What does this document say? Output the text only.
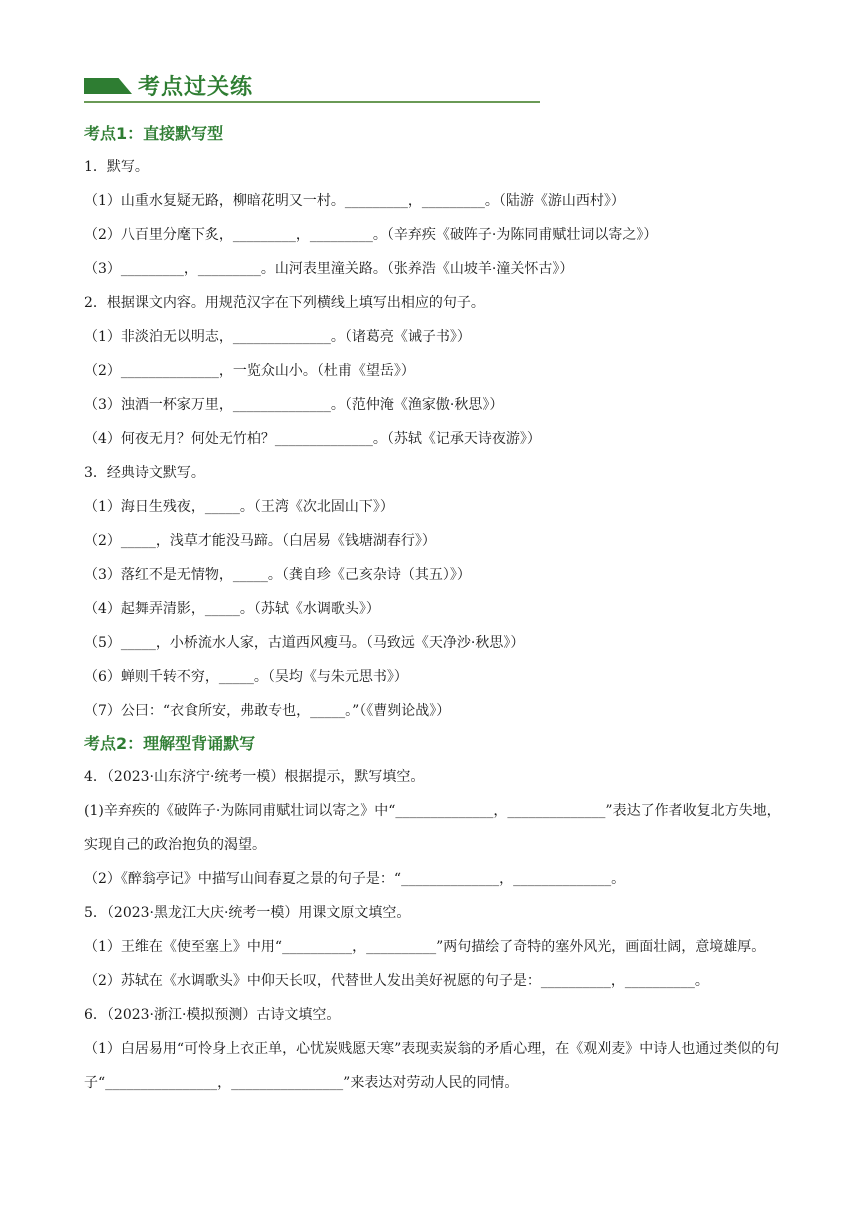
考点过关练
考点1：直接默写型
1．默写。
（1）山重水复疑无路，柳暗花明又一村。_________，_________。（陆游《游山西村》）
（2）八百里分麾下炙，_________，_________。（辛弃疾《破阵子·为陈同甫赋壮词以寄之》）
（3）_________，_________。山河表里潼关路。（张养浩《山坡羊·潼关怀古》）
2．根据课文内容。用规范汉字在下列横线上填写出相应的句子。
（1）非淡泊无以明志，______________。（诸葛亮《诫子书》）
（2）______________，一览众山小。（杜甫《望岳》）
（3）浊酒一杯家万里，______________。（范仲淹《渔家傲·秋思》）
（4）何夜无月？何处无竹柏？______________。（苏轼《记承天诗夜游》）
3．经典诗文默写。
（1）海日生残夜，_____。（王湾《次北固山下》）
（2）_____，浅草才能没马蹄。（白居易《钱塘湖春行》）
（3）落红不是无情物，_____。（龚自珍《己亥杂诗（其五）》）
（4）起舞弄清影，_____。（苏轼《水调歌头》）
（5）_____，小桥流水人家，古道西风瘦马。（马致远《天净沙·秋思》）
（6）蝉则千转不穷，_____。（吴均《与朱元思书》）
（7）公曰：“衣食所安，弗敢专也，_____。”（《曹刿论战》）
考点2：理解型背诵默写
4．（2023·山东济宁·统考一模）根据提示，默写填空。
(1)辛弃疾的《破阵子·为陈同甫赋壮词以寄之》中“______________，______________”表达了作者收复北方失地，实现自己的政治抱负的渴望。
（2）《醉翁亭记》中描写山间春夏之景的句子是：“______________，______________。
5．（2023·黑龙江大庆·统考一模）用课文原文填空。
（1）王维在《使至塞上》中用“__________，__________”两句描绘了奇特的塞外风光，画面壮阔，意境雄厚。
（2）苏轼在《水调歌头》中仰天长叹，代替世人发出美好祝愿的句子是：__________，__________。
6．（2023·浙江·模拟预测）古诗文填空。
（1）白居易用“可怜身上衣正单，心忧炭贱愿天寒”表现卖炭翁的矛盾心理，在《观刈麦》中诗人也通过类似的句子“________________，________________”来表达对劳动人民的同情。
